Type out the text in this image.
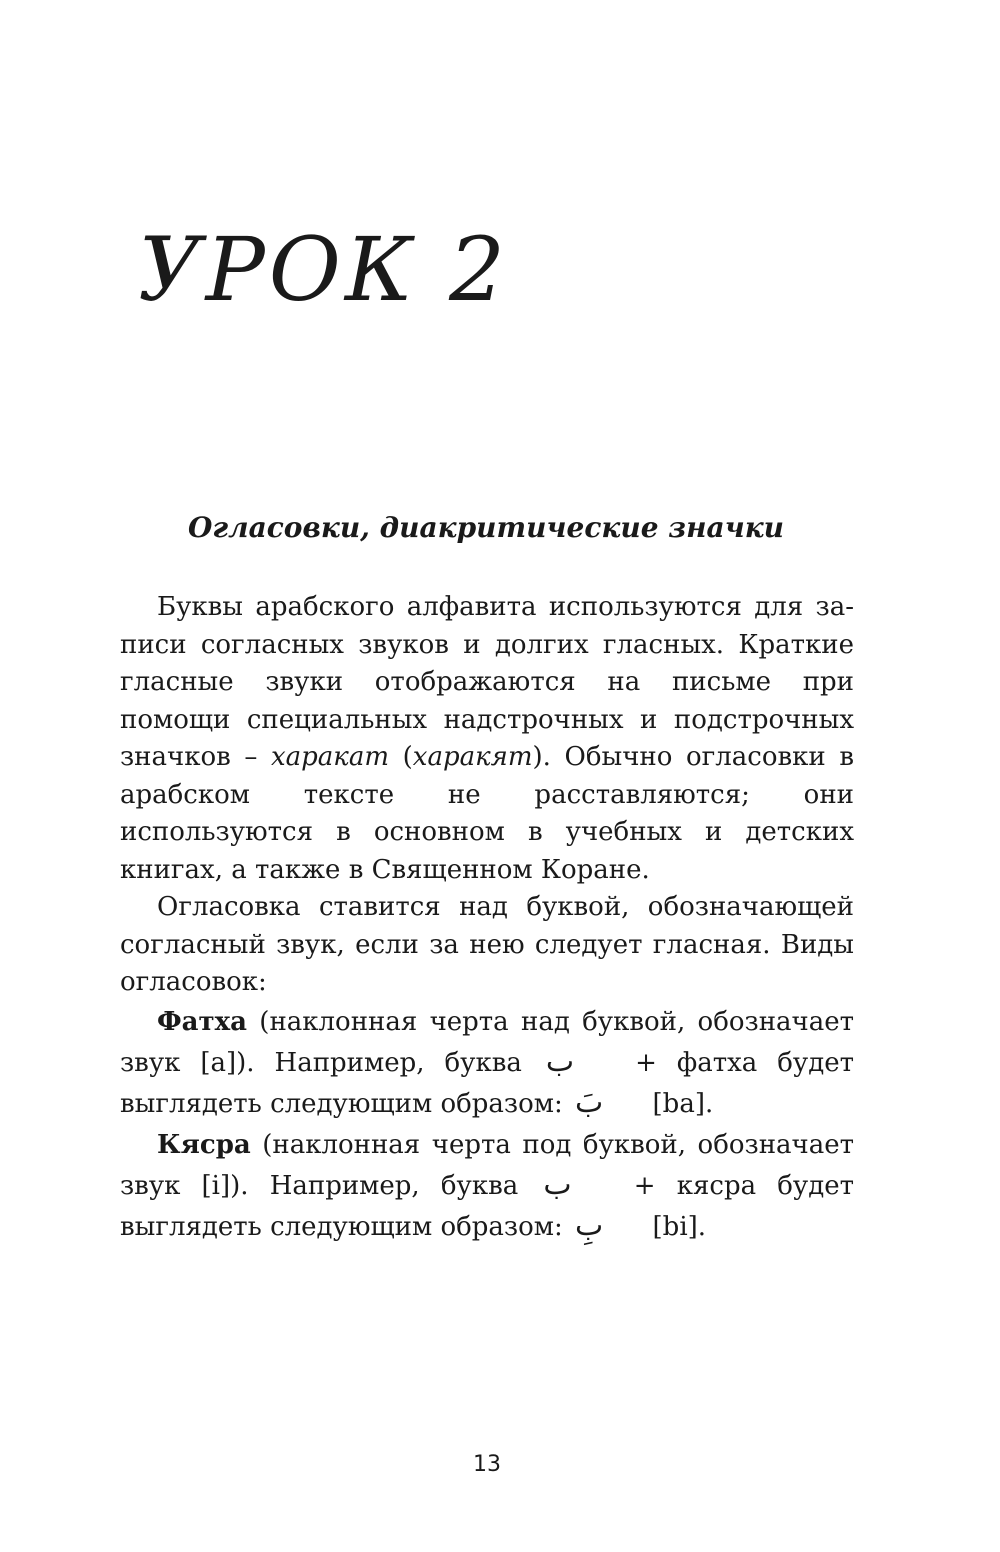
УРОК 2
Огласовки, диакритические значки

Буквы арабского алфавита используются для записи согласных звуков и долгих гласных. Краткие гласные звуки отображаются на письме при помощи специальных надстрочных и подстрочных значков – харакат (харакят). Обычно огласовки в арабском тексте не расставляются; они используются в основном в учебных и детских книгах, а также в Священном Коране.

Огласовка ставится над буквой, обозначающей согласный звук, если за нею следует гласная. Виды огласовок:

Фатха (наклонная черта над буквой, обозначает звук [a]). Например, буква ب + фатха будет выглядеть следующим образом: بَ [ba].

Кясра (наклонная черта под буквой, обозначает звук [i]). Например, буква ب + кясра будет выглядеть следующим образом: بِ [bi].

13
